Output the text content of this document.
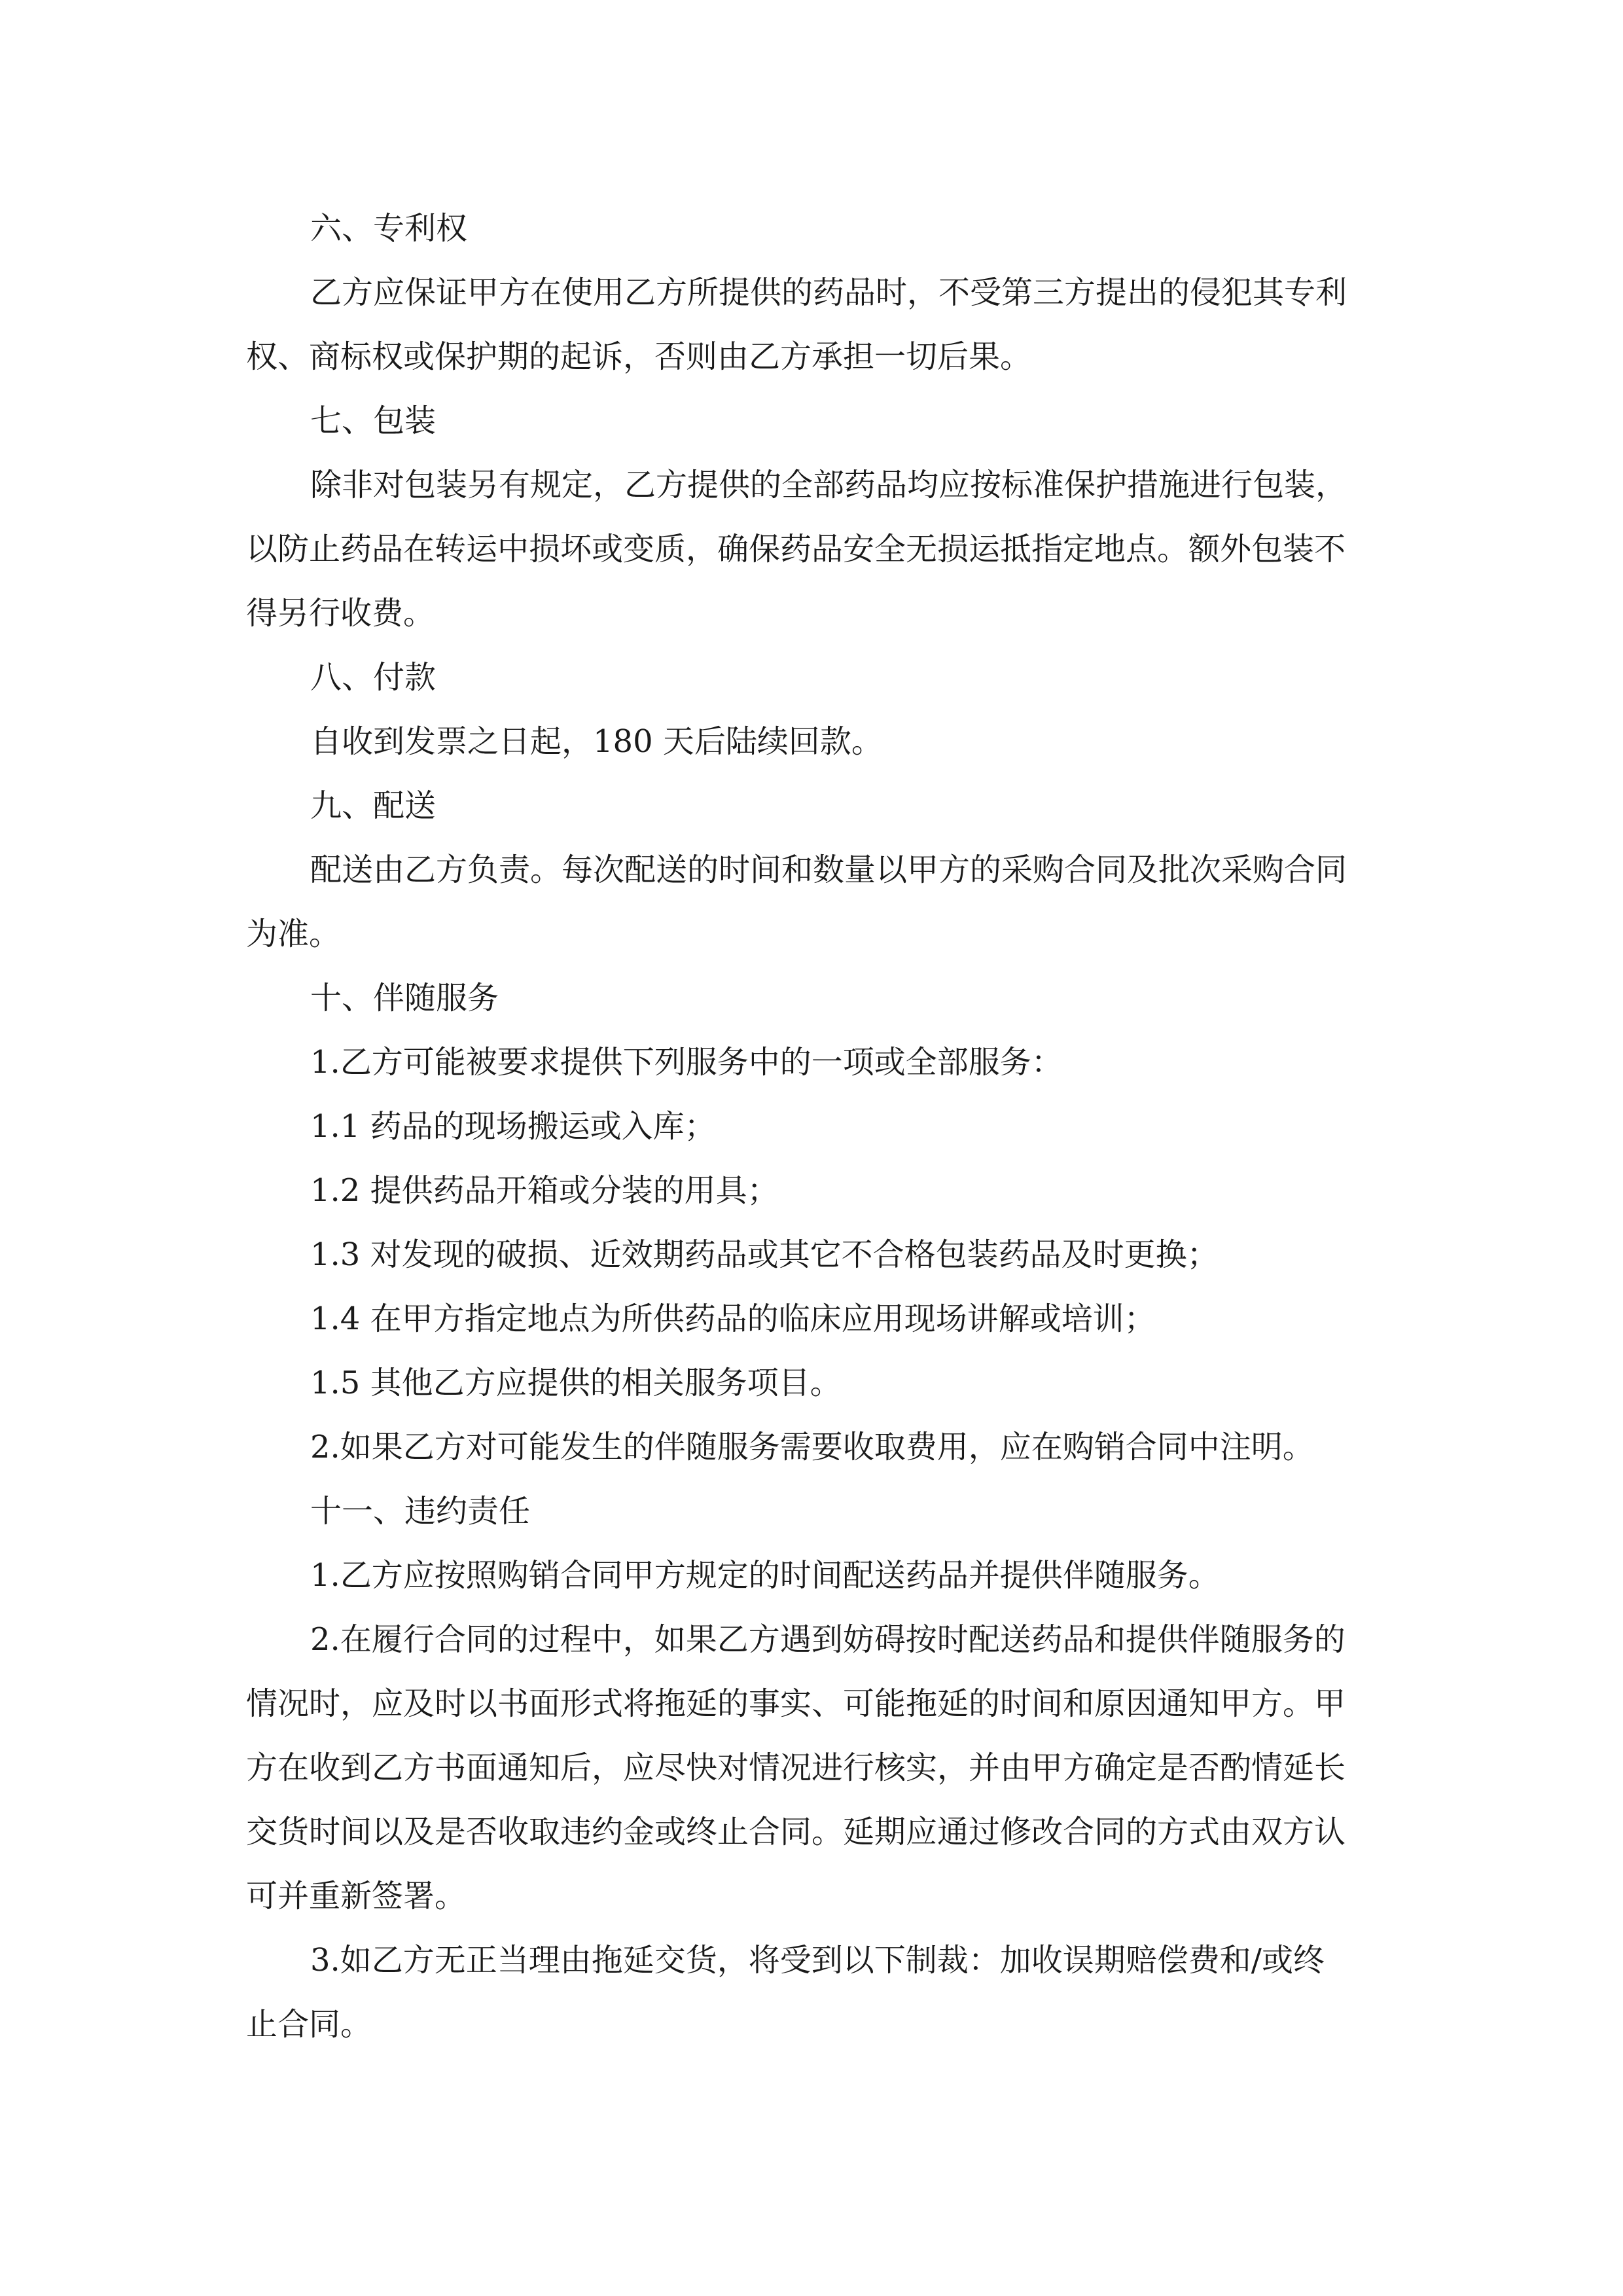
六、专利权

乙方应保证甲方在使用乙方所提供的药品时，不受第三方提出的侵犯其专利

权、商标权或保护期的起诉，否则由乙方承担一切后果。

七、包装

除非对包装另有规定，乙方提供的全部药品均应按标准保护措施进行包装，

以防止药品在转运中损坏或变质，确保药品安全无损运抵指定地点。额外包装不

得另行收费。

八、付款

自收到发票之日起，180 天后陆续回款。

九、配送

配送由乙方负责。每次配送的时间和数量以甲方的采购合同及批次采购合同

为准。

十、伴随服务

1.乙方可能被要求提供下列服务中的一项或全部服务：

1.1 药品的现场搬运或入库；

1.2 提供药品开箱或分装的用具；

1.3 对发现的破损、近效期药品或其它不合格包装药品及时更换；

1.4 在甲方指定地点为所供药品的临床应用现场讲解或培训；

1.5 其他乙方应提供的相关服务项目。

2.如果乙方对可能发生的伴随服务需要收取费用，应在购销合同中注明。

十一、违约责任

1.乙方应按照购销合同甲方规定的时间配送药品并提供伴随服务。

2.在履行合同的过程中，如果乙方遇到妨碍按时配送药品和提供伴随服务的

情况时，应及时以书面形式将拖延的事实、可能拖延的时间和原因通知甲方。甲

方在收到乙方书面通知后，应尽快对情况进行核实，并由甲方确定是否酌情延长

交货时间以及是否收取违约金或终止合同。延期应通过修改合同的方式由双方认

可并重新签署。

3.如乙方无正当理由拖延交货，将受到以下制裁：加收误期赔偿费和/或终

止合同。
